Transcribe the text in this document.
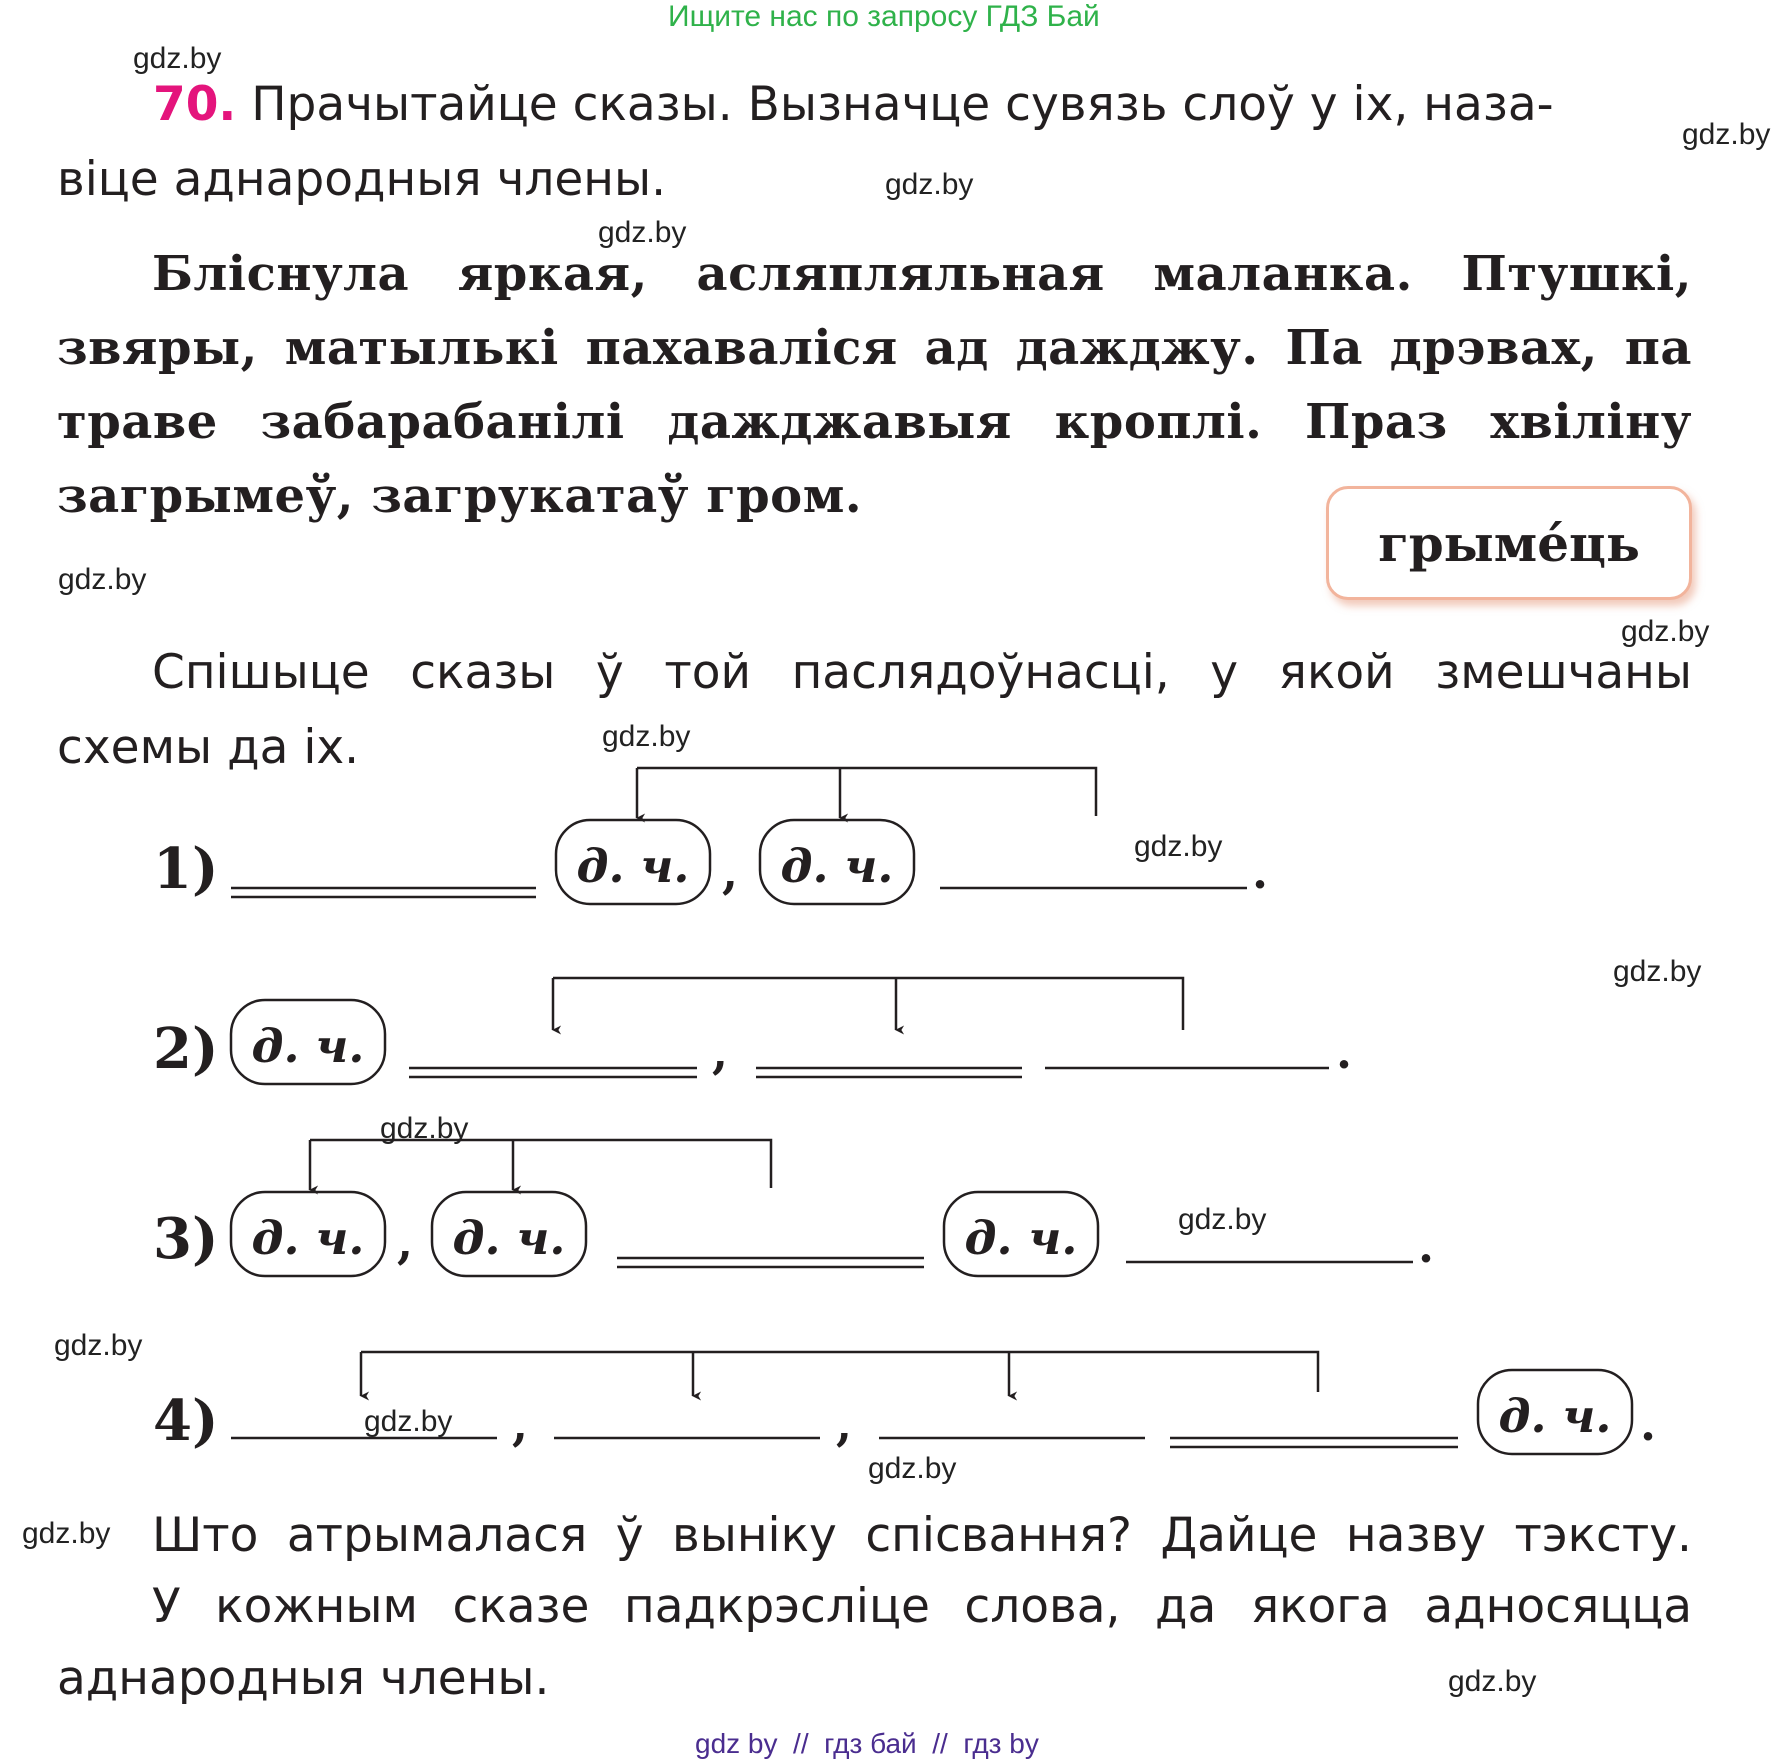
Ищите нас по запросу ГДЗ Бай
gdz.by
gdz.by
gdz.by
gdz.by
gdz.by
gdz.by
gdz.by
gdz.by
gdz.by
gdz.by
gdz.by
gdz.by
gdz.by
gdz.by
gdz.by
gdz.by
70. Прачытайце сказы. Вызначце сувязь слоў у іх, наза-
віце аднародныя члены.
Бліснула яркая, асляпляльная маланка. Птушкі,
звяры, матылькі пахаваліся ад дажджу. Па дрэвах, па
траве забарабанілі дажджавыя кроплі. Праз хвіліну
загрымеў, загрукатаў гром.
грымéць
Спішыце сказы ў той паслядоўнасці, у якой змешчаны
схемы да іх.
1)	д. ч. , д. ч.	.
2) д. ч.	,	.
3) д. ч. , д. ч.	д. ч.	.
4)	,	,	д. ч. .
Што атрымалася ў выніку спісвання? Дайце назву тэксту.
У кожным сказе падкрэсліце слова, да якога адносяцца
аднародныя члены.
gdz by  //  гдз бай  //  гдз by
